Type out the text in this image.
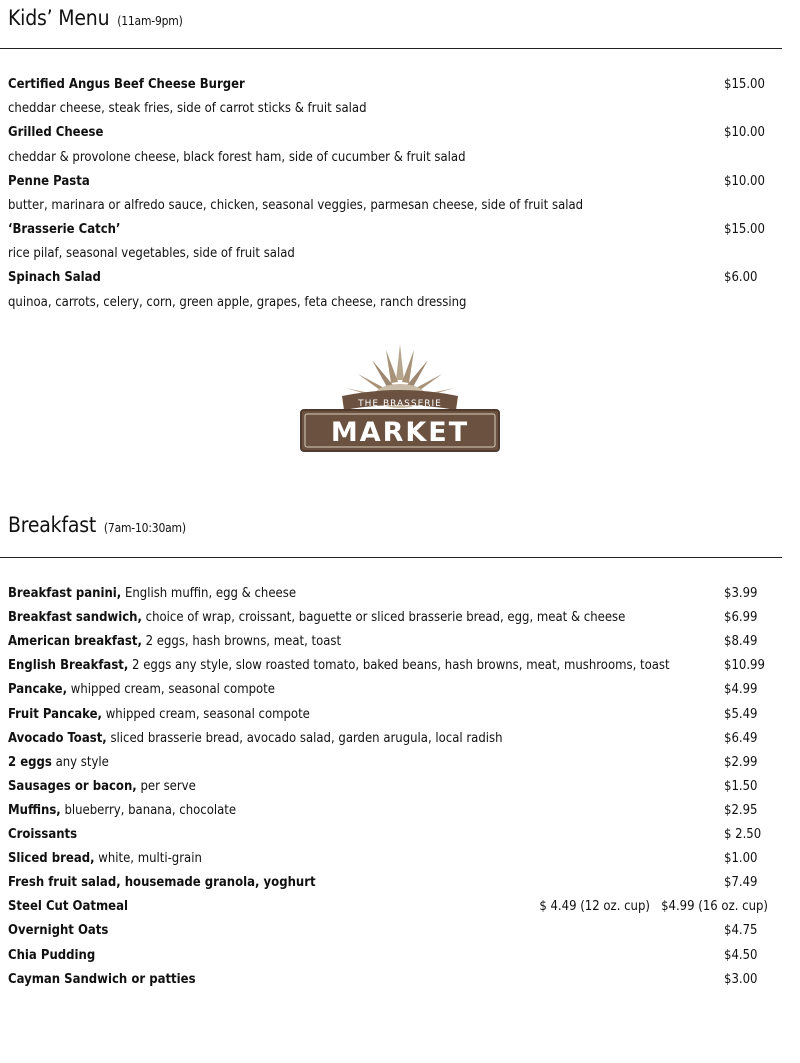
Kids’ Menu (11am-9pm)
Certified Angus Beef Cheese Burger	$15.00
cheddar cheese, steak fries, side of carrot sticks & fruit salad
Grilled Cheese	$10.00
cheddar & provolone cheese, black forest ham, side of cucumber & fruit salad
Penne Pasta	$10.00
butter, marinara or alfredo sauce, chicken, seasonal veggies, parmesan cheese, side of fruit salad
‘Brasserie Catch’	$15.00
rice pilaf, seasonal vegetables, side of fruit salad
Spinach Salad	$6.00
quinoa, carrots, celery, corn, green apple, grapes, feta cheese, ranch dressing
THE BRASSERIE
MARKET
Breakfast (7am-10:30am)
Breakfast panini, English muffin, egg & cheese	$3.99
Breakfast sandwich, choice of wrap, croissant, baguette or sliced brasserie bread, egg, meat & cheese	$6.99
American breakfast, 2 eggs, hash browns, meat, toast	$8.49
English Breakfast, 2 eggs any style, slow roasted tomato, baked beans, hash browns, meat, mushrooms, toast	$10.99
Pancake, whipped cream, seasonal compote	$4.99
Fruit Pancake, whipped cream, seasonal compote	$5.49
Avocado Toast, sliced brasserie bread, avocado salad, garden arugula, local radish	$6.49
2 eggs any style	$2.99
Sausages or bacon, per serve	$1.50
Muffins, blueberry, banana, chocolate	$2.95
Croissants	$ 2.50
Sliced bread, white, multi-grain	$1.00
Fresh fruit salad, housemade granola, yoghurt	$7.49
Steel Cut Oatmeal	$ 4.49 (12 oz. cup)   $4.99 (16 oz. cup)
Overnight Oats	$4.75
Chia Pudding	$4.50
Cayman Sandwich or patties	$3.00
